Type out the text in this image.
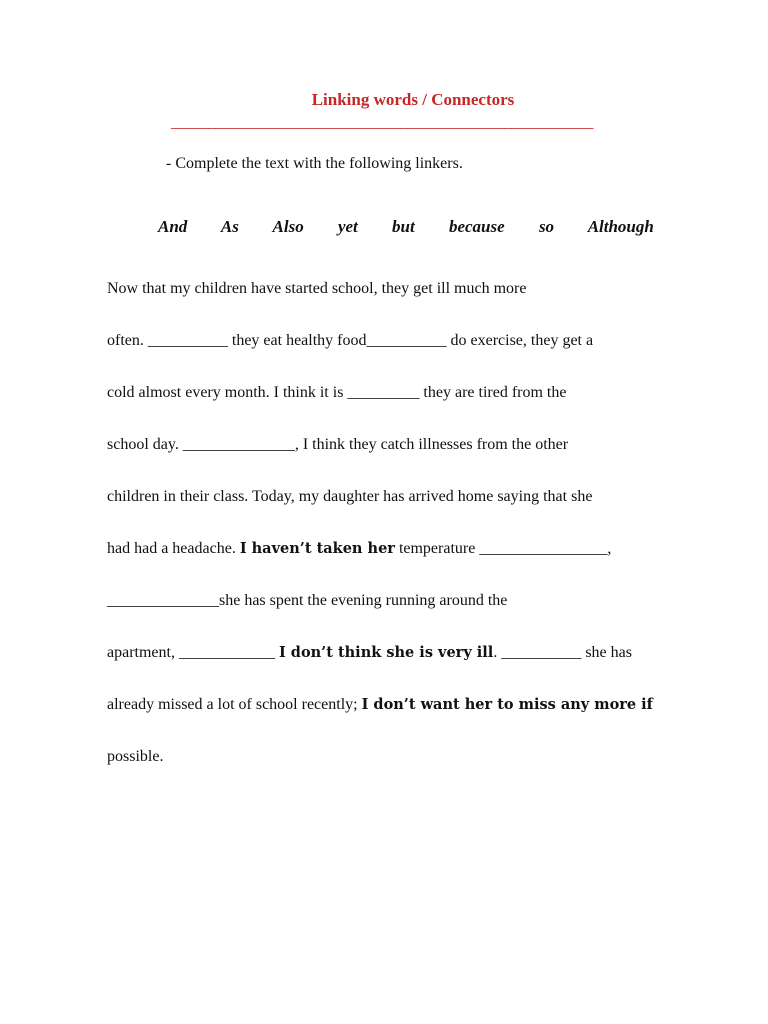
Linking words / Connectors
_________________________________________________________
- Complete the text with the following linkers.
And As Also yet but because so Although
Now that my children have started school, they get ill much more
often. __________ they eat healthy food__________ do exercise, they get a
cold almost every month. I think it is _________ they are tired from the
school day. ______________, I think they catch illnesses from the other
children in their class. Today, my daughter has arrived home saying that she
had had a headache. I haven’t taken her temperature ________________,
______________she has spent the evening running around the
apartment, ____________ I don’t think she is very ill. __________ she has
already missed a lot of school recently; I don’t want her to miss any more if
possible.
